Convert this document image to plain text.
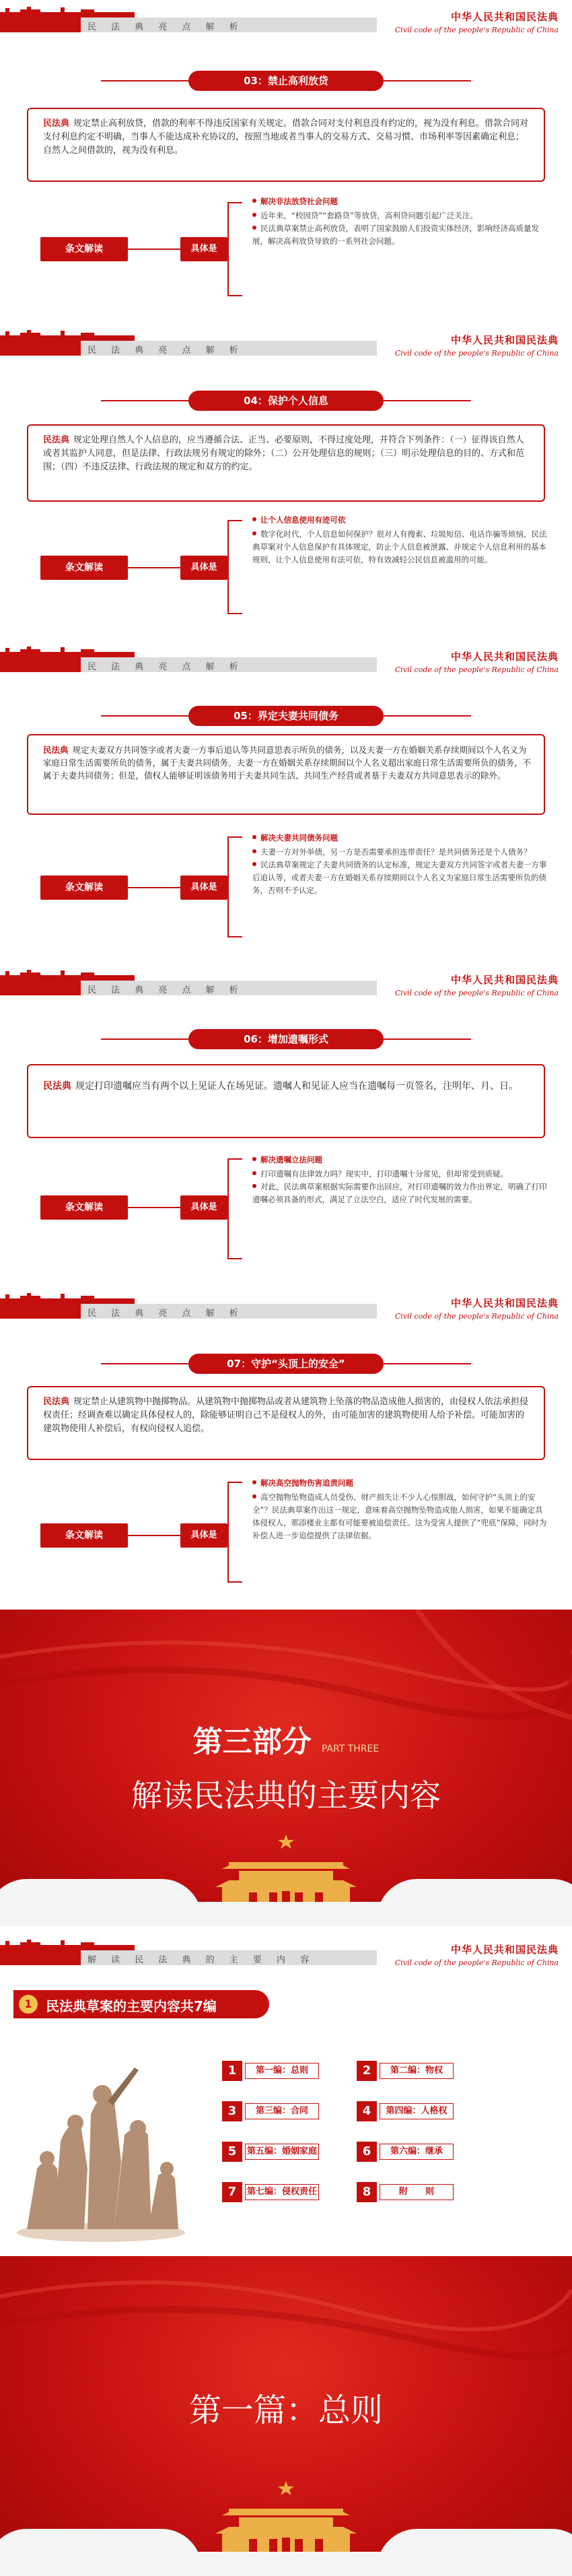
民 法 典 亮 点 解 析
中华人民共和国民法典
Civil code of the people's Republic of China
03：禁止高利放贷
民法典 规定禁止高利放贷，借款的利率不得违反国家有关规定。借款合同对支付利息没有约定的，视为没有利息。借款合同对支付利息约定不明确，当事人不能达成补充协议的，按照当地或者当事人的交易方式、交易习惯、市场利率等因素确定利息；自然人之间借款的，视为没有利息。
条文解读	具体是
解决非法放贷社会问题
近年来，“校园贷”“套路贷”等放贷，高利贷问题引起广泛关注。
民法典草案禁止高利放贷，表明了国家鼓励人们投资实体经济，影响经济高质量发展，解决高利放贷导致的一系列社会问题。
民 法 典 亮 点 解 析
中华人民共和国民法典
Civil code of the people's Republic of China
04：保护个人信息
民法典 规定处理自然人个人信息的，应当遵循合法、正当、必要原则，不得过度处理，并符合下列条件：（一）征得该自然人或者其监护人同意，但是法律、行政法规另有规定的除外；（二）公开处理信息的规则；（三）明示处理信息的目的、方式和范围；（四）不违反法律、行政法规的规定和双方的约定。
条文解读	具体是
让个人信息使用有迹可依
数字化时代，个人信息如何保护？很对人有搜索、垃圾短信、电话诈骗等烦恼，民法典草案对个人信息保护有具体规定，防止个人信息被泄露、并规定个人信息利用的基本规则，让个人信息使用有法可依，特有效减轻公民信息被滥用的可能。
民 法 典 亮 点 解 析
中华人民共和国民法典
Civil code of the people's Republic of China
05：界定夫妻共同债务
民法典 规定夫妻双方共同签字或者夫妻一方事后追认等共同意思表示所负的债务，以及夫妻一方在婚姻关系存续期间以个人名义为家庭日常生活需要所负的债务，属于夫妻共同债务。夫妻一方在婚姻关系存续期间以个人名义超出家庭日常生活需要所负的债务，不属于夫妻共同债务；但是，债权人能够证明该债务用于夫妻共同生活、共同生产经营或者基于夫妻双方共同意思表示的除外。
条文解读	具体是
解决夫妻共同债务问题
夫妻一方对外举债，另一方是否需要承担连带责任？是共同债务还是个人债务？
民法典草案规定了夫妻共同债务的认定标准，规定夫妻双方共同签字或者夫妻一方事后追认等，或者夫妻一方在婚姻关系存续期间以个人名义为家庭日常生活需要所负的债务，否则不予认定。
民 法 典 亮 点 解 析
中华人民共和国民法典
Civil code of the people's Republic of China
06：增加遗嘱形式
民法典 规定打印遗嘱应当有两个以上见证人在场见证。遗嘱人和见证人应当在遗嘱每一页签名，注明年、月、日。
条文解读	具体是
解决遗嘱立法问题
打印遗嘱有法律效力吗？现实中，打印遗嘱十分常见，但却常受到质疑。
对此，民法典草案根据实际需要作出回应，对打印遗嘱的效力作出界定，明确了打印遗嘱必须具备的形式，满足了立法空白，适应了时代发展的需要。
民 法 典 亮 点 解 析
中华人民共和国民法典
Civil code of the people's Republic of China
07：守护“头顶上的安全”
民法典 规定禁止从建筑物中抛掷物品。从建筑物中抛掷物品或者从建筑物上坠落的物品造成他人损害的，由侵权人依法承担侵权责任；经调查难以确定具体侵权人的，除能够证明自己不是侵权人的外，由可能加害的建筑物使用人给予补偿。可能加害的建筑物使用人补偿后，有权向侵权人追偿。
条文解读	具体是
解决高空抛物伤害追责问题
高空抛物坠物造成人员受伤、财产损失让不少人心惊胆战，如何守护“头顶上的安全”？民法典草案作出这一规定，意味着高空抛物坠物造成他人损害，如果不能确定具体侵权人，那添楼业主都有可能要被追偿责任。这为受害人提供了“兜底”保障，同时为补偿人进一步追偿提供了法律依据。
第三部分 PART THREE
解读民法典的主要内容
解 读 民 法 典 的 主 要 内 容
中华人民共和国民法典
Civil code of the people's Republic of China
1	民法典草案的主要内容共7编
1	第一编：总则	2	第二编：物权
3	第三编：合同	4	第四编：人格权
5	第五编：婚姻家庭	6	第六编：继承
7	第七编：侵权责任	8	附　　则
第一篇：总则
